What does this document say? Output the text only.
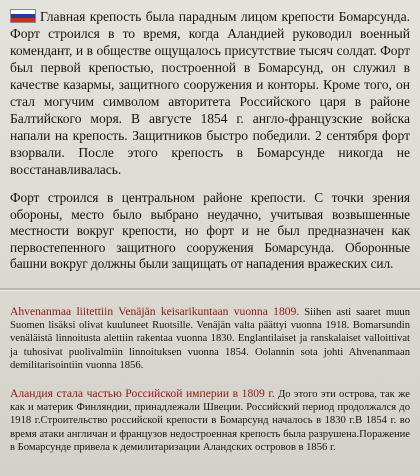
Главная крепость была парадным лицом крепости Бомарсунда. Форт строился в то время, когда Аландией руководил военный комендант, и в обществе ощущалось присутствие тысяч солдат. Форт был первой крепостью, построенной в Бомарсунд, он служил в качестве казармы, защитного сооружения и конторы. Кроме того, он стал могучим символом авторитета Российского царя в районе Балтийского моря. В августе 1854 г. англо-французские войска напали на крепость. Защитников быстро победили. 2 сентября форт взорвали. После этого крепость в Бомарсунде никогда не восстанавливалась.

Форт строился в центральном районе крепости. С точки зрения обороны, место было выбрано неудачно, учитывая возвышенные местности вокруг крепости, но форт и не был предназначен как первостепенного защитного сооружения Бомарсунда. Оборонные башни вокруг должны были защищать от нападения вражеских сил.

Ahvenanmaa liitettiin Venäjän keisarikuntaan vuonna 1809. Siihen asti saaret muun Suomen lisäksi olivat kuuluneet Ruotsille. Venäjän valta päättyi vuonna 1918. Bomarsundin venäläistä linnoitusta alettiin rakentaa vuonna 1830. Englantilaiset ja ranskalaiset valloittivat ja tuhosivat puolivalmiin linnoituksen vuonna 1854. Oolannin sota johti Ahvenanmaan demilitarisointiin vuonna 1856.

Аландия стала частью Российской империи в 1809 г. До этого эти острова, так же как и материк Финляндии, принадлежали Швеции. Российский период продолжался до 1918 г.Строительство российской крепости в Бомарсунд началось в 1830 г.В 1854 г. во время атаки англичан и французов недостроенная крепость была разрушена.Поражение в Бомарсунде привела к демилитаризации Аландских островов в 1856 г.
